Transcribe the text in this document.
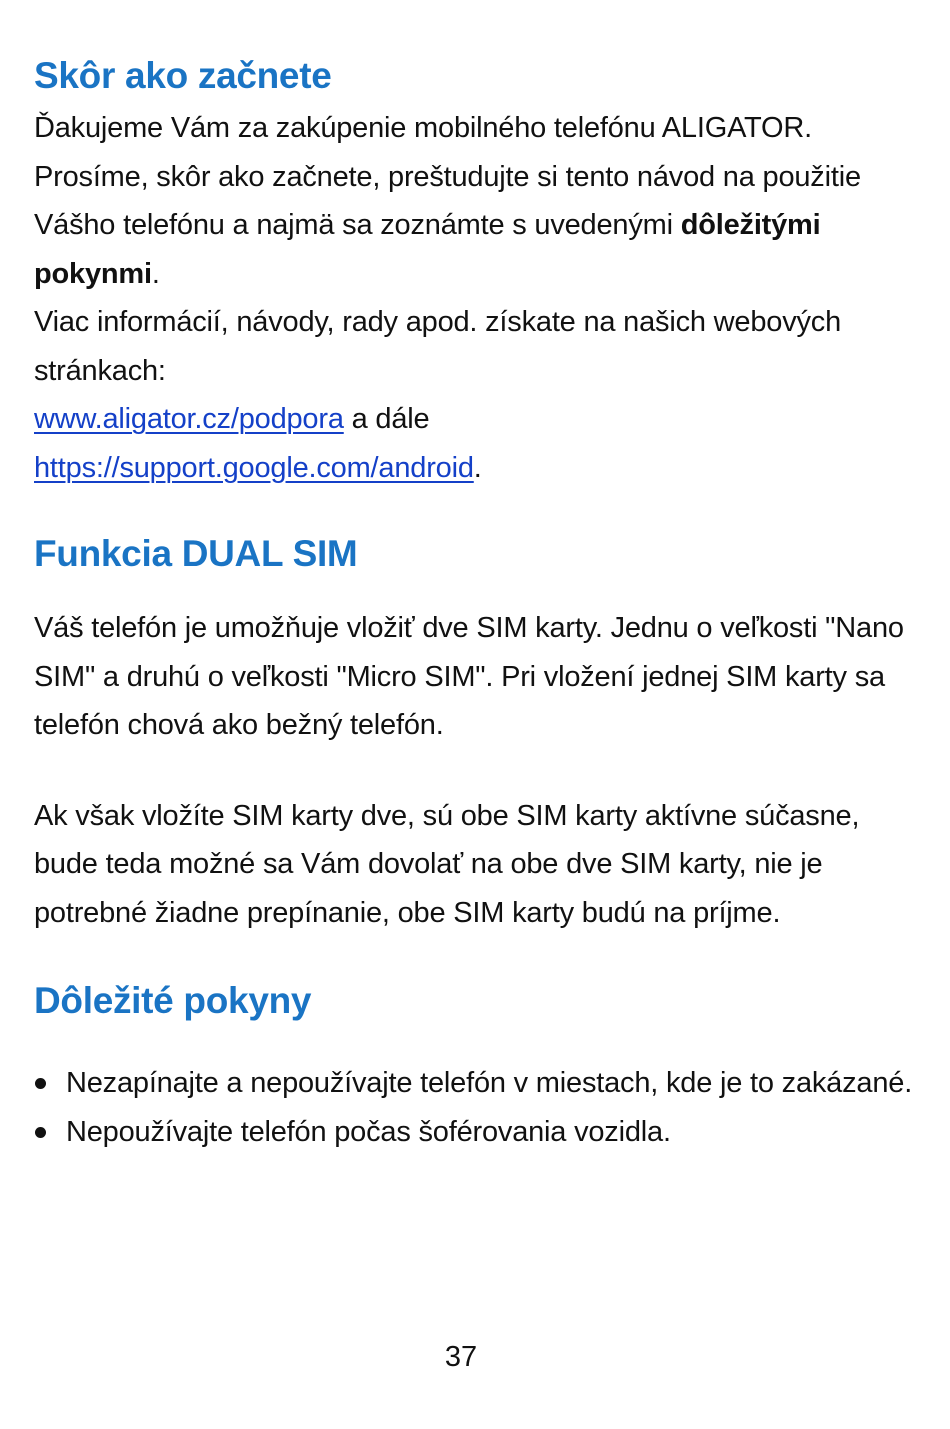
Skôr ako začnete

Ďakujeme Vám za zakúpenie mobilného telefónu ALIGATOR. Prosíme, skôr ako začnete, preštudujte si tento návod na použitie Vášho telefónu a najmä sa zoznámte s uvedenými dôležitými pokynmi.

Viac informácií, návody, rady apod. získate na našich webových stránkach:

www.aligator.cz/podpora a dále
https://support.google.com/android.

Funkcia DUAL SIM

Váš telefón je umožňuje vložiť dve SIM karty. Jednu o veľkosti "Nano SIM" a druhú o veľkosti "Micro SIM". Pri vložení jednej SIM karty sa telefón chová ako bežný telefón.

Ak však vložíte SIM karty dve, sú obe SIM karty aktívne súčasne, bude teda možné sa Vám dovolať na obe dve SIM karty, nie je potrebné žiadne prepínanie, obe SIM karty budú na príjme.

Dôležité pokyny
Nezapínajte a nepoužívajte telefón v miestach, kde je to zakázané.
Nepoužívajte telefón počas šoférovania vozidla.
37
